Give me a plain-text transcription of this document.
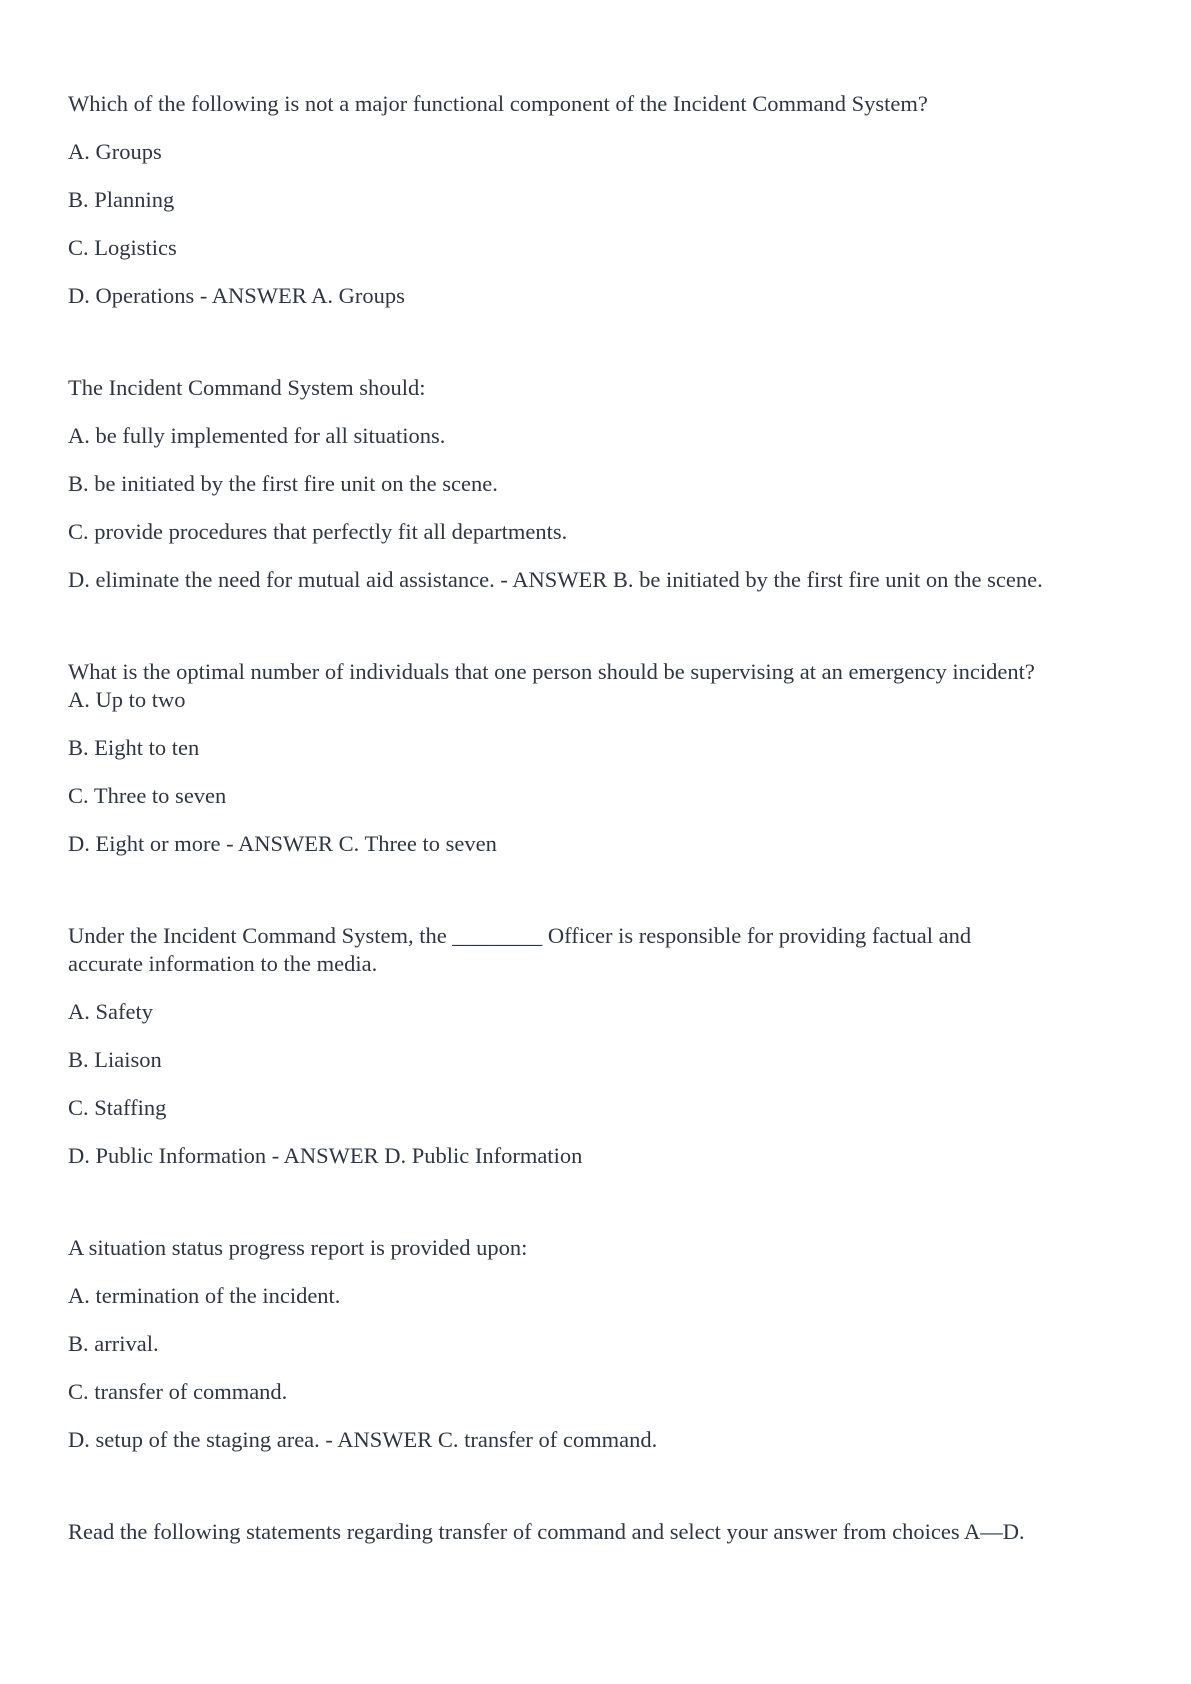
Which of the following is not a major functional component of the Incident Command System?
A. Groups
B. Planning
C. Logistics
D. Operations - ANSWER A. Groups
The Incident Command System should:
A. be fully implemented for all situations.
B. be initiated by the first fire unit on the scene.
C. provide procedures that perfectly fit all departments.
D. eliminate the need for mutual aid assistance. - ANSWER B. be initiated by the first fire unit on the scene.
What is the optimal number of individuals that one person should be supervising at an emergency incident?
A. Up to two
B. Eight to ten
C. Three to seven
D. Eight or more - ANSWER C. Three to seven
Under the Incident Command System, the ________ Officer is responsible for providing factual and
accurate information to the media.
A. Safety
B. Liaison
C. Staffing
D. Public Information - ANSWER D. Public Information
A situation status progress report is provided upon:
A. termination of the incident.
B. arrival.
C. transfer of command.
D. setup of the staging area. - ANSWER C. transfer of command.
Read the following statements regarding transfer of command and select your answer from choices A—D.
